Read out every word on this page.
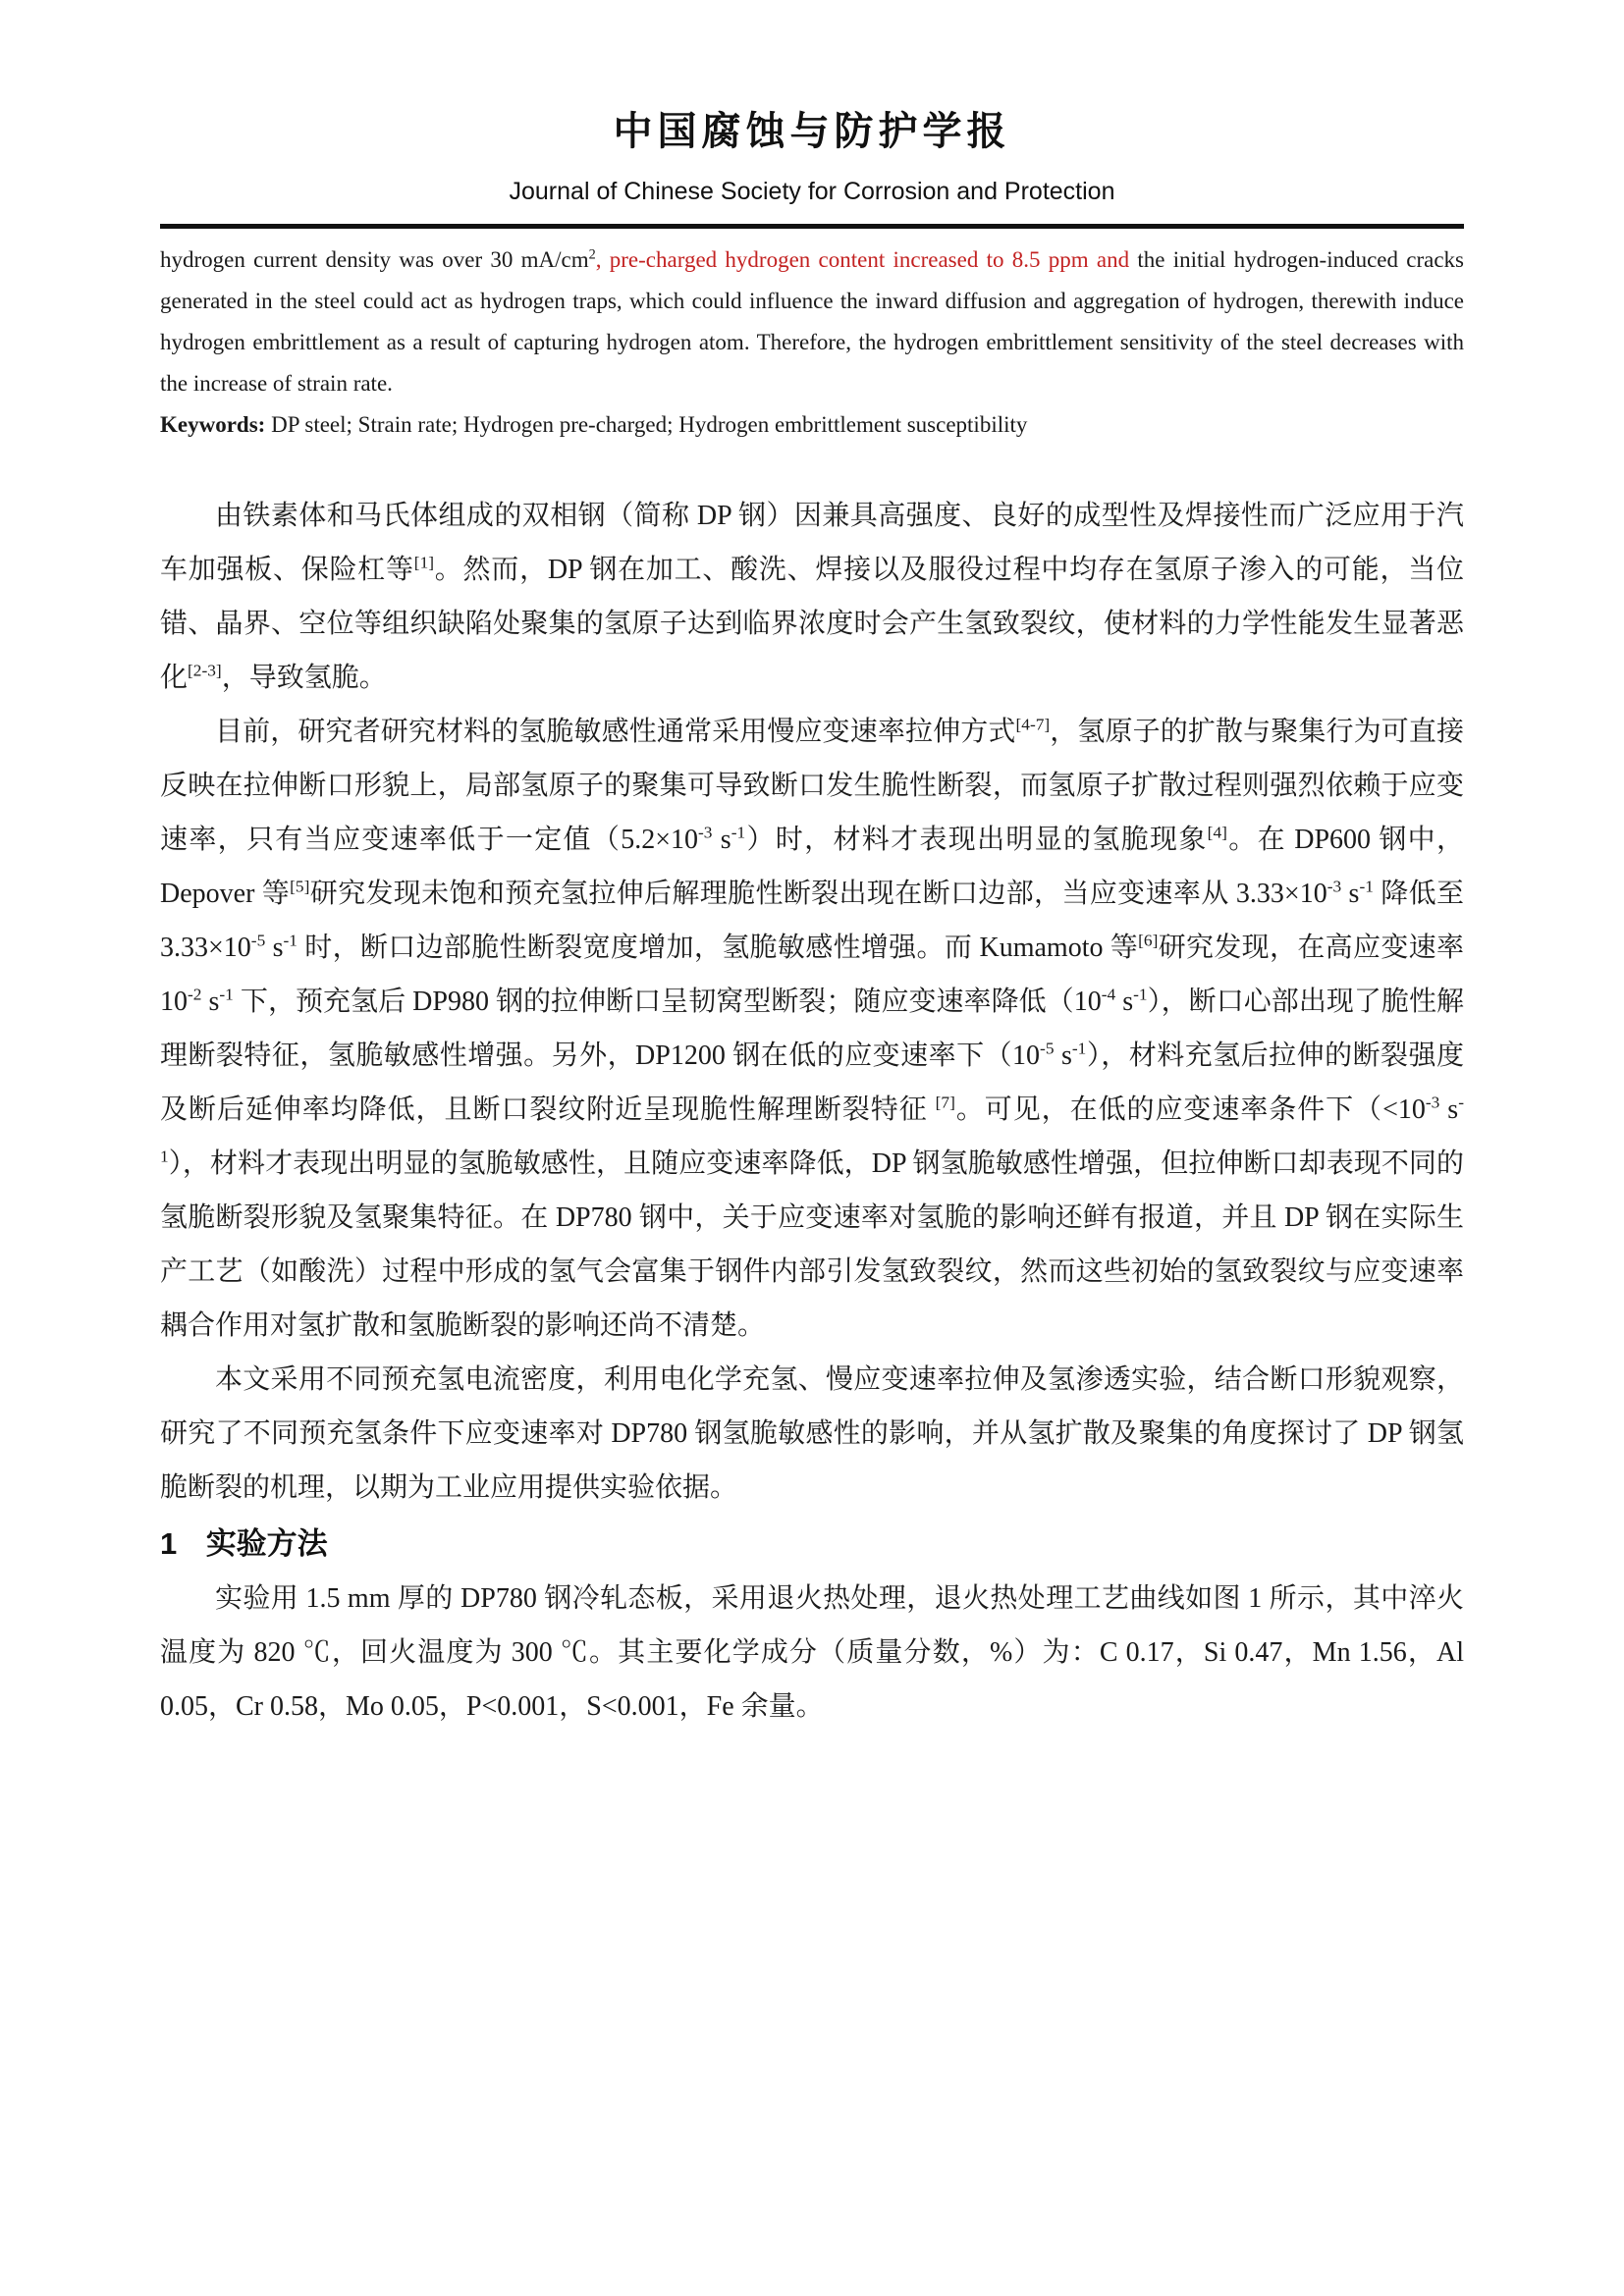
中国腐蚀与防护学报
Journal of Chinese Society for Corrosion and Protection

hydrogen current density was over 30 $mA/cm^2$, pre-charged hydrogen content increased to 8.5 ppm and the initial hydrogen-induced cracks generated in the steel could act as hydrogen traps, which could influence the inward diffusion and aggregation of hydrogen, therewith induce hydrogen embrittlement as a result of capturing hydrogen atom. Therefore, the hydrogen embrittlement sensitivity of the steel decreases with the increase of strain rate.

Keywords: DP steel; Strain rate; Hydrogen pre-charged; Hydrogen embrittlement susceptibility

由铁素体和马氏体组成的双相钢（简称 DP 钢）因兼具高强度、良好的成型性及焊接性而广泛应用于汽车加强板、保险杠等[1]。然而，DP 钢在加工、酸洗、焊接以及服役过程中均存在氢原子渗入的可能，当位错、晶界、空位等组织缺陷处聚集的氢原子达到临界浓度时会产生氢致裂纹，使材料的力学性能发生显著恶化[2-3]，导致氢脆。

目前，研究者研究材料的氢脆敏感性通常采用慢应变速率拉伸方式[4-7]，氢原子的扩散与聚集行为可直接反映在拉伸断口形貌上，局部氢原子的聚集可导致断口发生脆性断裂，而氢原子扩散过程则强烈依赖于应变速率，只有当应变速率低于一定值（$5.2\times 10^{-3}$ $s^{-1}$）时，材料才表现出明显的氢脆现象[4]。在 DP600 钢中，Depover 等[5]研究发现未饱和预充氢拉伸后解理脆性断裂出现在断口边部，当应变速率从 $3.33\times 10^{-3}$ $s^{-1}$ 降低至 $3.33\times 10^{-5}$ $s^{-1}$ 时，断口边部脆性断裂宽度增加，氢脆敏感性增强。而 Kumamoto 等[6]研究发现，在高应变速率 $10^{-2}$ $s^{-1}$ 下，预充氢后 DP980 钢的拉伸断口呈韧窝型断裂；随应变速率降低（$10^{-4}$ $s^{-1}$），断口心部出现了脆性解理断裂特征，氢脆敏感性增强。另外，DP1200 钢在低的应变速率下（$10^{-5}$ $s^{-1}$），材料充氢后拉伸的断裂强度及断后延伸率均降低，且断口裂纹附近呈现脆性解理断裂特征 [7]。可见，在低的应变速率条件下（$<10^{-3}$ $s^{-1}$），材料才表现出明显的氢脆敏感性，且随应变速率降低，DP 钢氢脆敏感性增强，但拉伸断口却表现不同的氢脆断裂形貌及氢聚集特征。在 DP780 钢中，关于应变速率对氢脆的影响还鲜有报道，并且 DP 钢在实际生产工艺（如酸洗）过程中形成的氢气会富集于钢件内部引发氢致裂纹，然而这些初始的氢致裂纹与应变速率耦合作用对氢扩散和氢脆断裂的影响还尚不清楚。

本文采用不同预充氢电流密度，利用电化学充氢、慢应变速率拉伸及氢渗透实验，结合断口形貌观察，研究了不同预充氢条件下应变速率对 DP780 钢氢脆敏感性的影响，并从氢扩散及聚集的角度探讨了 DP 钢氢脆断裂的机理，以期为工业应用提供实验依据。

1 实验方法

实验用 1.5 mm 厚的 DP780 钢冷轧态板，采用退火热处理，退火热处理工艺曲线如图 1 所示，其中淬火温度为 820 ℃，回火温度为 300 ℃。其主要化学成分（质量分数，%）为：C 0.17，Si 0.47，Mn 1.56，Al 0.05，Cr 0.58，Mo 0.05，P<0.001，S<0.001，Fe 余量。
